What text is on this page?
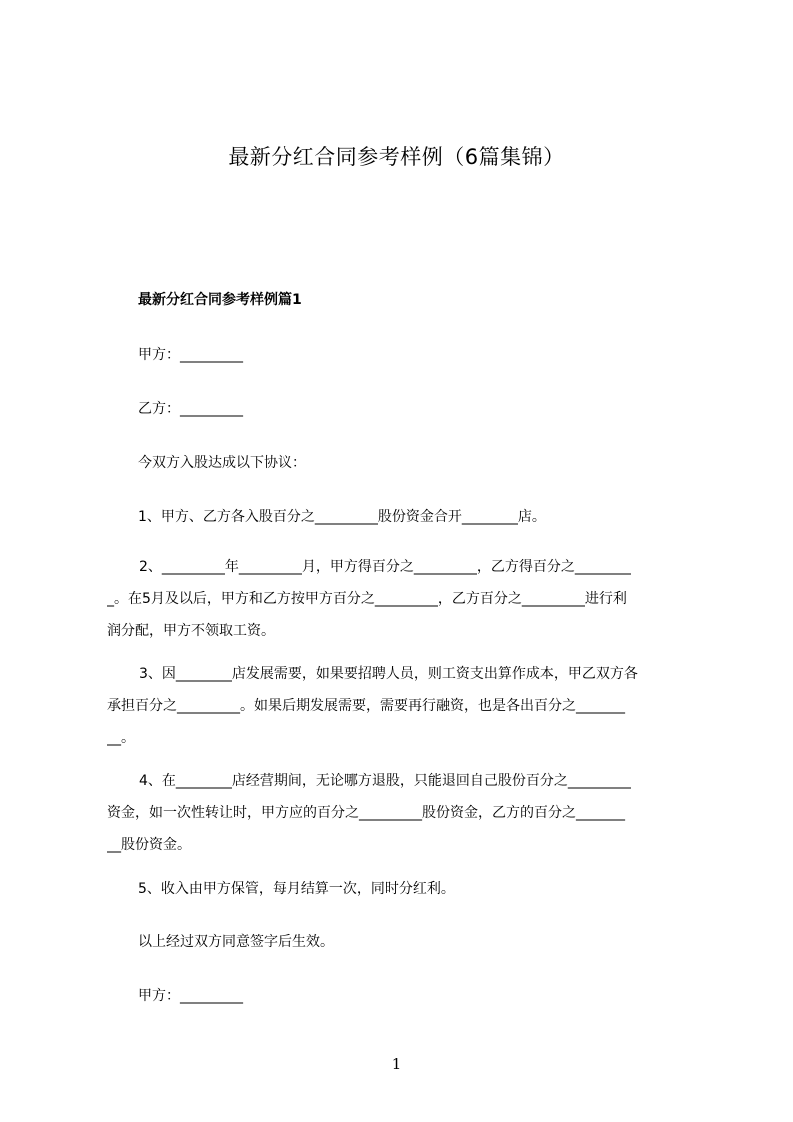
最新分红合同参考样例（6篇集锦）
最新分红合同参考样例篇1
甲方：_________
乙方：_________
今双方入股达成以下协议：
1、甲方、乙方各入股百分之_________股份资金合开________店。
2、_________年_________月，甲方得百分之_________，乙方得百分之________
_。在5月及以后，甲方和乙方按甲方百分之_________，乙方百分之_________进行利
润分配，甲方不领取工资。
3、因________店发展需要，如果要招聘人员，则工资支出算作成本，甲乙双方各
承担百分之_________。如果后期发展需要，需要再行融资，也是各出百分之_______
__。
4、在________店经营期间，无论哪方退股，只能退回自己股份百分之_________
资金，如一次性转让时，甲方应的百分之_________股份资金，乙方的百分之_______
__股份资金。
5、收入由甲方保管，每月结算一次，同时分红利。
以上经过双方同意签字后生效。
甲方：_________
1
